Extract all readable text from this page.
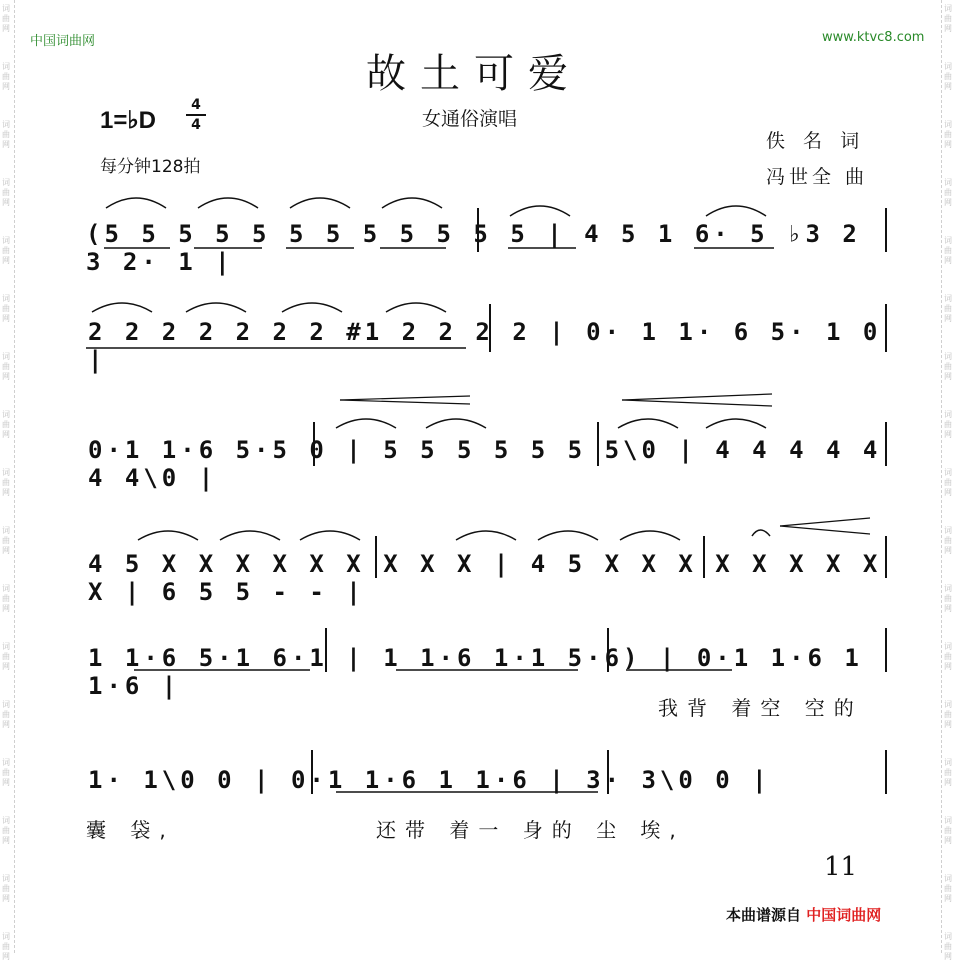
词
曲
网
词
曲
网
词
曲
网
词
曲
网
词
曲
网
词
曲
网
词
曲
网
词
曲
网
词
曲
网
词
曲
网
词
曲
网
词
曲
网
词
曲
网
词
曲
网
词
曲
网
词
曲
网
词
曲
网
词
曲
网
词
曲
网
词
曲
网
词
曲
网
词
曲
网
词
曲
网
词
曲
网
词
曲
网
词
曲
网
词
曲
网
词
曲
网
词
曲
网
词
曲
网
词
曲
网
词
曲
网
词
曲
网
词
曲
网
中国词曲网	www.ktvc8.com
故土可爱
女通俗演唱
1=♭D
4
4
每分钟128拍
佚 名 词
冯世全 曲
(5 5 5 5 5 5 5 5 5 5 5 5 | 4 5 1 6· 5 ♭3 2 3 2· 1 |
2 2 2 2 2 2 2 #1 2 2 2 2 | 0· 1 1· 6 5· 1 0 |
0·1 1·6 5·5 0 | 5 5 5 5 5 5 5\0 | 4 4 4 4 4 4 4\0 |
4 5 X X X X X X X X X | 4 5 X X X X X X X X X | 6 5 5 - - |
1 1·6 5·1 6·1 | 1 1·6 1·1 5·6) | 0·1 1·6 1 1·6 |
我背 着空 空的
1· 1\0 0 | 0·1 1·6 1 1·6 | 3· 3\0 0 |
囊 袋,	还带 着一 身的 尘 埃,
11
本曲谱源自 中国词曲网
